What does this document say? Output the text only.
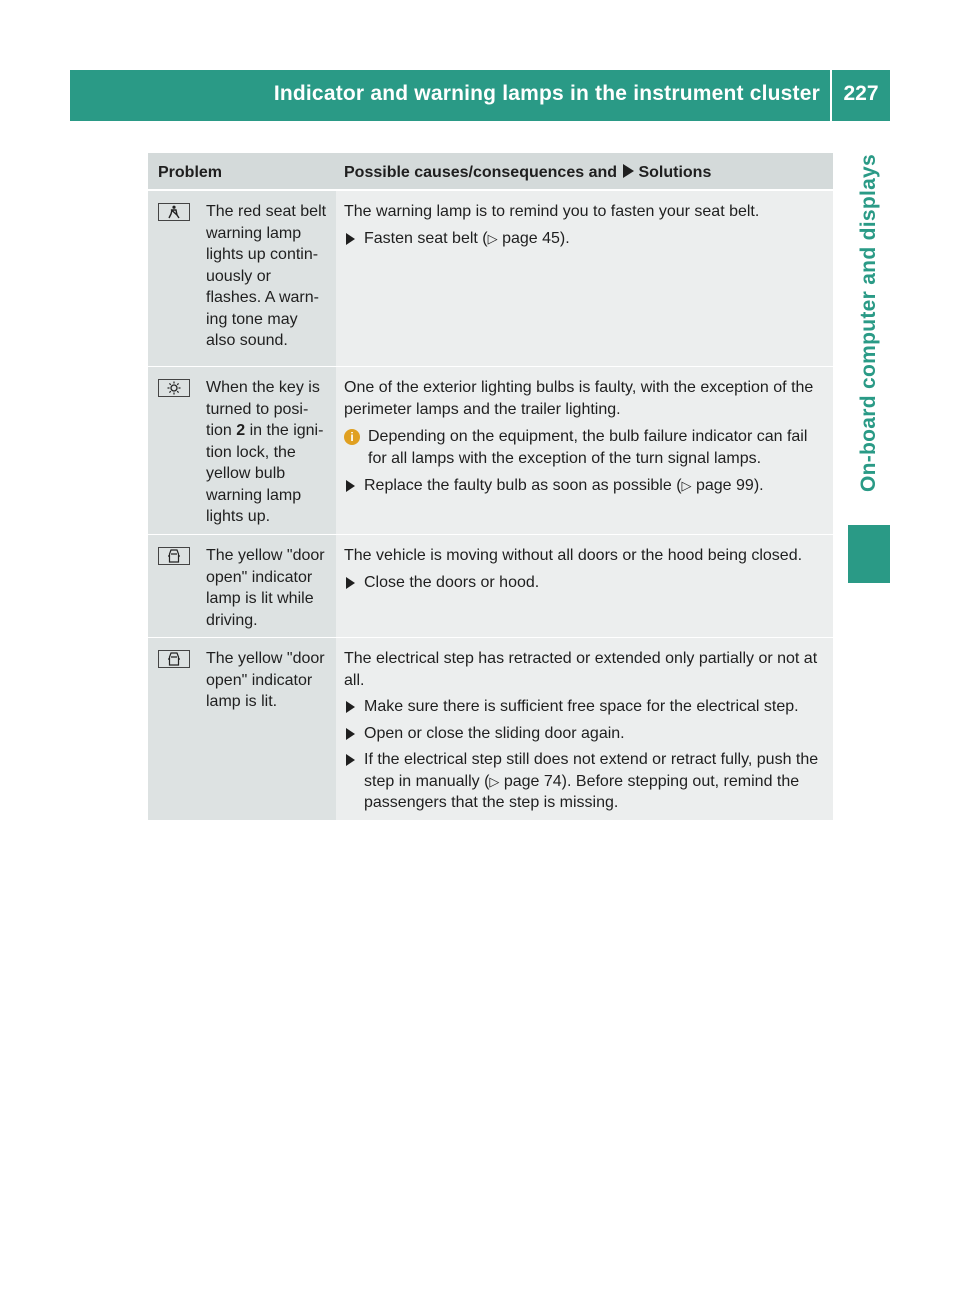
Indicator and warning lamps in the instrument cluster	227
On-board computer and displays
Problem	Possible causes/consequences and Solutions
The red seat belt warning lamp lights up contin- uously or flashes. A warn- ing tone may also sound.
The warning lamp is to remind you to fasten your seat belt.
Fasten seat belt (▷ page 45).
When the key is turned to posi- tion 2 in the igni- tion lock, the yellow bulb warning lamp lights up.
One of the exterior lighting bulbs is faulty, with the exception of the perimeter lamps and the trailer lighting.
i Depending on the equipment, the bulb failure indicator can fail for all lamps with the exception of the turn signal lamps.
Replace the faulty bulb as soon as possible (▷ page 99).
The yellow "door open" indicator lamp is lit while driving.
The vehicle is moving without all doors or the hood being closed.
Close the doors or hood.
The yellow "door open" indicator lamp is lit.
The electrical step has retracted or extended only partially or not at all.
Make sure there is sufficient free space for the electrical step.
Open or close the sliding door again.
If the electrical step still does not extend or retract fully, push the step in manually (▷ page 74). Before stepping out, remind the passengers that the step is missing.
